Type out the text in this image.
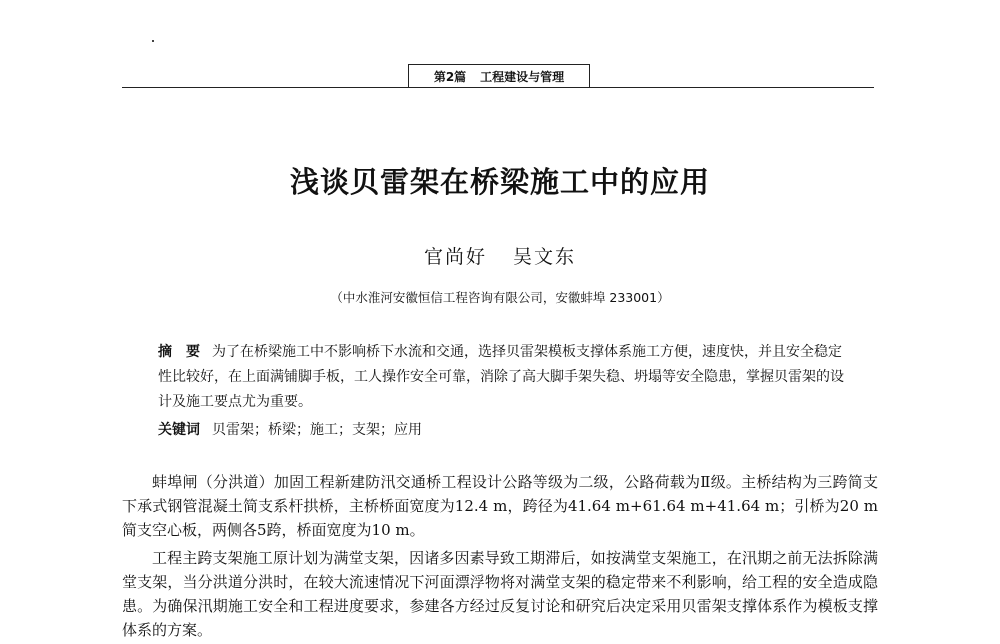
第2篇 工程建设与管理
浅谈贝雷架在桥梁施工中的应用
官尚好 吴文东
（中水淮河安徽恒信工程咨询有限公司，安徽蚌埠 233001）

摘　要 为了在桥梁施工中不影响桥下水流和交通，选择贝雷架模板支撑体系施工方便，速度快，并且安全稳定性比较好，在上面满铺脚手板，工人操作安全可靠，消除了高大脚手架失稳、坍塌等安全隐患，掌握贝雷架的设计及施工要点尤为重要。

关键词 贝雷架；桥梁；施工；支架；应用

蚌埠闸（分洪道）加固工程新建防汛交通桥工程设计公路等级为二级，公路荷载为Ⅱ级。主桥结构为三跨简支下承式钢管混凝土简支系杆拱桥，主桥桥面宽度为12.4 m，跨径为41.64 m+61.64 m+41.64 m；引桥为20 m简支空心板，两侧各5跨，桥面宽度为10 m。

工程主跨支架施工原计划为满堂支架，因诸多因素导致工期滞后，如按满堂支架施工，在汛期之前无法拆除满堂支架，当分洪道分洪时，在较大流速情况下河面漂浮物将对满堂支架的稳定带来不利影响，给工程的安全造成隐患。为确保汛期施工安全和工程进度要求，参建各方经过反复讨论和研究后决定采用贝雷架支撑体系作为模板支撑体系的方案。
